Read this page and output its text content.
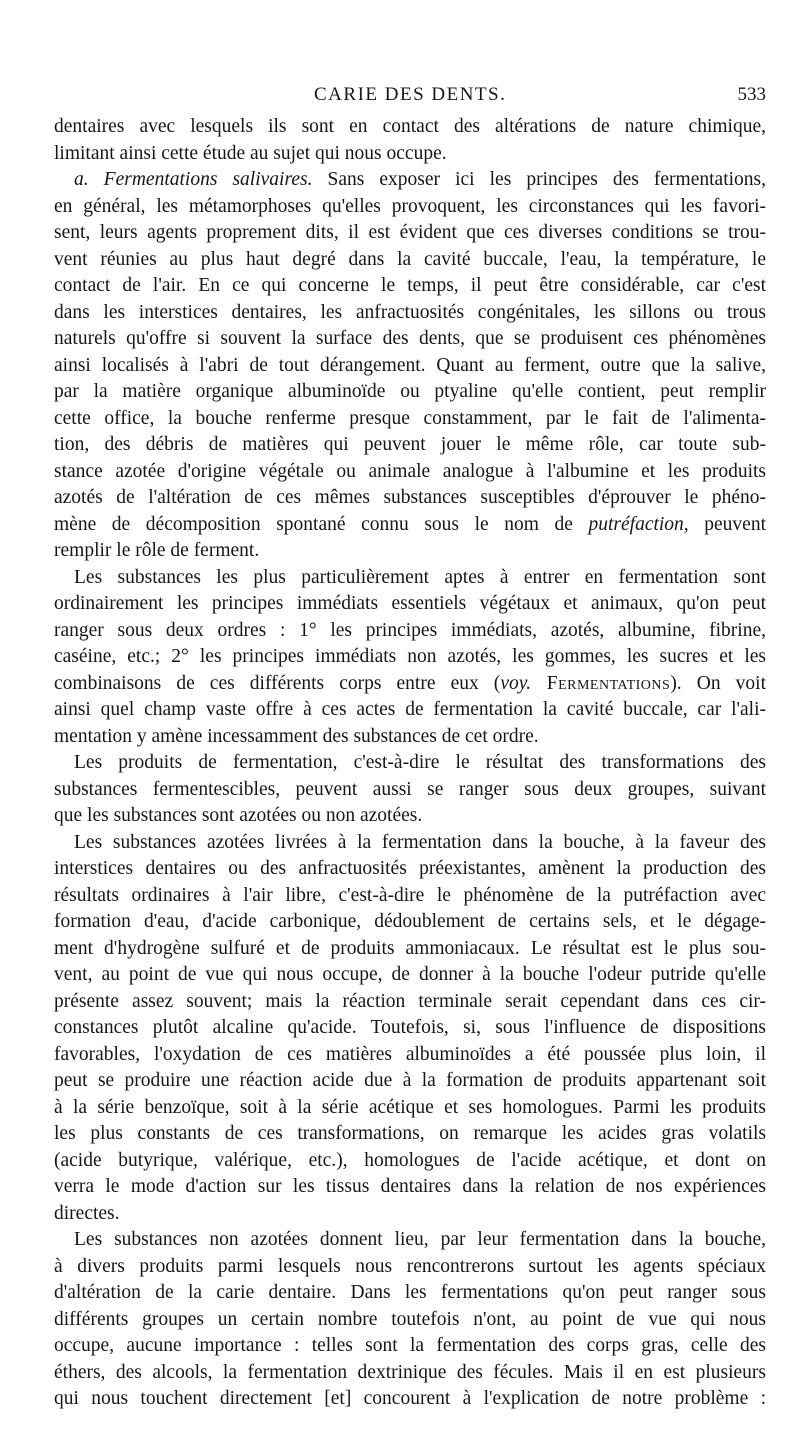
CARIE DES DENTS.	533

dentaires avec lesquels ils sont en contact des altérations de nature chimique,
limitant ainsi cette étude au sujet qui nous occupe.

a. Fermentations salivaires. Sans exposer ici les principes des fermentations,
en général, les métamorphoses qu'elles provoquent, les circonstances qui les favori-
sent, leurs agents proprement dits, il est évident que ces diverses conditions se trou-
vent réunies au plus haut degré dans la cavité buccale, l'eau, la température, le
contact de l'air. En ce qui concerne le temps, il peut être considérable, car c'est
dans les interstices dentaires, les anfractuosités congénitales, les sillons ou trous
naturels qu'offre si souvent la surface des dents, que se produisent ces phénomènes
ainsi localisés à l'abri de tout dérangement. Quant au ferment, outre que la salive,
par la matière organique albuminoïde ou ptyaline qu'elle contient, peut remplir
cette office, la bouche renferme presque constamment, par le fait de l'alimenta-
tion, des débris de matières qui peuvent jouer le même rôle, car toute sub-
stance azotée d'origine végétale ou animale analogue à l'albumine et les produits
azotés de l'altération de ces mêmes substances susceptibles d'éprouver le phéno-
mène de décomposition spontané connu sous le nom de putréfaction, peuvent
remplir le rôle de ferment.

Les substances les plus particulièrement aptes à entrer en fermentation sont
ordinairement les principes immédiats essentiels végétaux et animaux, qu'on peut
ranger sous deux ordres : 1° les principes immédiats, azotés, albumine, fibrine,
caséine, etc.; 2° les principes immédiats non azotés, les gommes, les sucres et les
combinaisons de ces différents corps entre eux (voy. Fermentations). On voit
ainsi quel champ vaste offre à ces actes de fermentation la cavité buccale, car l'ali-
mentation y amène incessamment des substances de cet ordre.

Les produits de fermentation, c'est-à-dire le résultat des transformations des
substances fermentescibles, peuvent aussi se ranger sous deux groupes, suivant
que les substances sont azotées ou non azotées.

Les substances azotées livrées à la fermentation dans la bouche, à la faveur des
interstices dentaires ou des anfractuosités préexistantes, amènent la production des
résultats ordinaires à l'air libre, c'est-à-dire le phénomène de la putréfaction avec
formation d'eau, d'acide carbonique, dédoublement de certains sels, et le dégage-
ment d'hydrogène sulfuré et de produits ammoniacaux. Le résultat est le plus sou-
vent, au point de vue qui nous occupe, de donner à la bouche l'odeur putride qu'elle
présente assez souvent; mais la réaction terminale serait cependant dans ces cir-
constances plutôt alcaline qu'acide. Toutefois, si, sous l'influence de dispositions
favorables, l'oxydation de ces matières albuminoïdes a été poussée plus loin, il
peut se produire une réaction acide due à la formation de produits appartenant soit
à la série benzoïque, soit à la série acétique et ses homologues. Parmi les produits
les plus constants de ces transformations, on remarque les acides gras volatils
(acide butyrique, valérique, etc.), homologues de l'acide acétique, et dont on
verra le mode d'action sur les tissus dentaires dans la relation de nos expériences
directes.

Les substances non azotées donnent lieu, par leur fermentation dans la bouche,
à divers produits parmi lesquels nous rencontrerons surtout les agents spéciaux
d'altération de la carie dentaire. Dans les fermentations qu'on peut ranger sous
différents groupes un certain nombre toutefois n'ont, au point de vue qui nous
occupe, aucune importance : telles sont la fermentation des corps gras, celle des
éthers, des alcools, la fermentation dextrinique des fécules. Mais il en est plusieurs
qui nous touchent directement [et] concourent à l'explication de notre problème :
